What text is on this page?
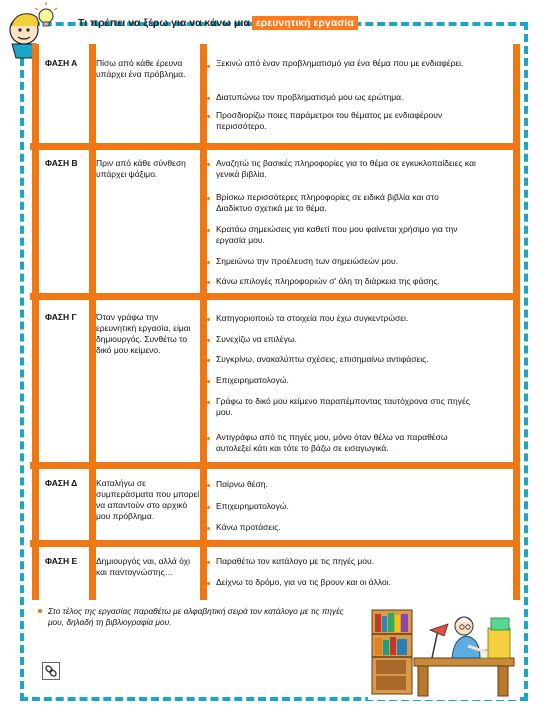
Τι πρέπει να ξέρω για να κάνω μια ερευνητική εργασία
ΦΑΣΗ Α Πίσω από κάθε έρευνα υπάρχει ένα πρόβλημα.
Ξεκινώ από έναν προβληματισμό για ένα θέμα που με ενδιαφέρει.
Διατυπώνω τον προβληματισμό μου ως ερώτημα.
Προσδιορίζω ποιες παράμετροι του θέματος με ενδιαφέρουν περισσότερο.
ΦΑΣΗ Β Πριν από κάθε σύνθεση υπάρχει ψάξιμο.
Αναζητώ τις βασικές πληροφορίες για το θέμα σε εγκυκλοπαίδειες και γενικά βιβλία.
Βρίσκω περισσότερες πληροφορίες σε ειδικά βιβλία και στο Διαδίκτυο σχετικά με το θέμα.
Κρατάω σημειώσεις για καθετί που μου φαίνεται χρήσιμο για την εργασία μου.
Σημειώνω την προέλευση των σημειώσεών μου.
Κάνω επιλογές πληροφοριών σ' όλη τη διάρκεια της φάσης.
ΦΑΣΗ Γ Όταν γράφω την ερευνητική εργασία, είμαι δημιουργός. Συνθέτω το δικό μου κείμενο.
Κατηγοριοποιώ τα στοιχεία που έχω συγκεντρώσει.
Συνεχίζω να επιλέγω.
Συγκρίνω, ανακαλύπτω σχέσεις, επισημαίνω αντιφάσεις.
Επιχειρηματολογώ.
Γράφω το δικό μου κείμενο παραπέμποντας ταυτόχρονα στις πηγές μου.
Αντιγράφω από τις πηγές μου, μόνο όταν θέλω να παραθέσω αυτολεξεί κάτι και τότε το βάζω σε εισαγωγικά.
ΦΑΣΗ Δ Καταλήγω σε συμπεράσματα που μπορεί να απαντούν στο αρχικό μου πρόβλημα.
Παίρνω θέση.
Επιχειρηματολογώ.
Κάνω προτάσεις.
ΦΑΣΗ Ε Δημιουργός ναι, αλλά όχι και παντογνώστης…
Παραθέτω τον κατάλογο με τις πηγές μου.
Δείχνω το δρόμο, για να τις βρουν και οι άλλοι.
Στο τέλος της εργασίας παραθέτω με αλφαβητική σειρά τον κατάλογο με τις πηγές μου, δηλαδή τη βιβλιογραφία μου.
